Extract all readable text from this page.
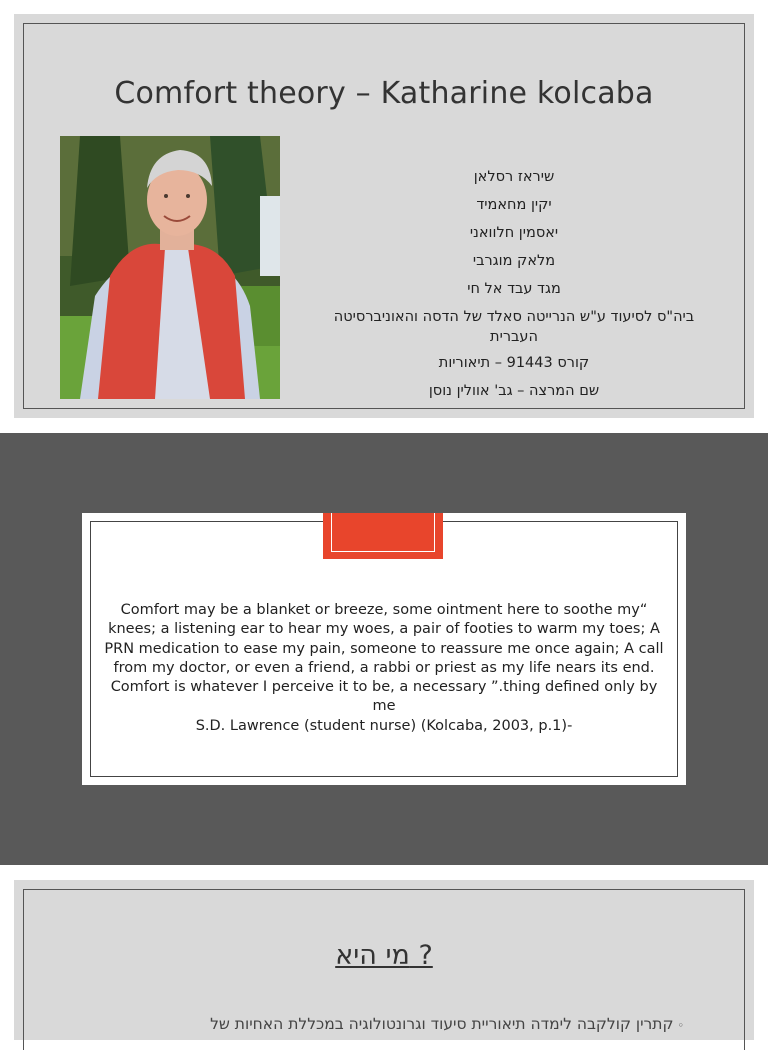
Comfort theory – Katharine kolcaba
שיראז רסלאן
יקין מחאמיד
יאסמין חלוואני
מלאק מוגרבי
מגד עבד אל חי
ביה"ס לסיעוד ע"ש הנרייטה סאלד של הדסה והאוניברסיטה העברית
קורס 91443 – תיאוריות
שם המרצה – גב' אוולין נוסן
Comfort may be a blanket or breeze, some ointment here to soothe my“ knees; a listening ear to hear my woes, a pair of footies to warm my toes; A PRN medication to ease my pain, someone to reassure me once again; A call from my doctor, or even a friend, a rabbi or priest as my life nears its end. Comfort is whatever I perceive it to be, a necessary ”.thing defined only by me
S.D. Lawrence (student nurse) (Kolcaba, 2003, p.1)-
מי היא ?
◦קתרין קולקבה לימדה תיאוריית סיעוד וגרונטולוגיה במכללת האחיות של
